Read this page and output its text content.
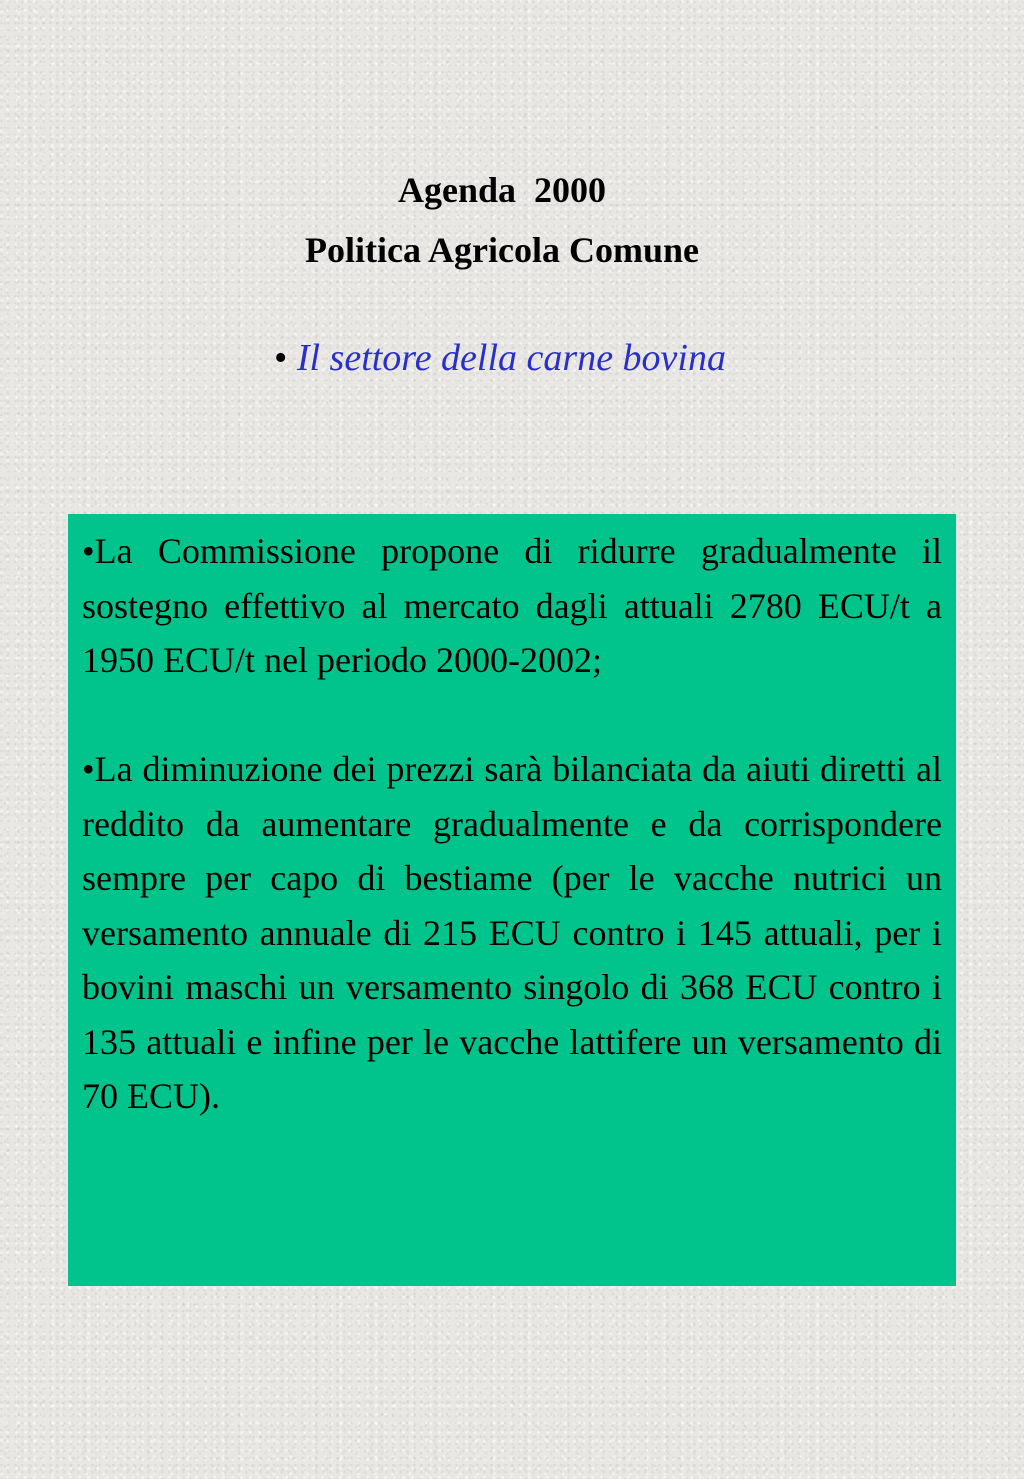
Agenda  2000
Politica Agricola Comune
• Il settore della carne bovina

•La Commissione propone di ridurre gradualmente il sostegno effettivo al mercato dagli attuali 2780 ECU/t a 1950 ECU/t nel periodo 2000-2002;

•La diminuzione dei prezzi sarà bilanciata da aiuti diretti al reddito da aumentare gradualmente e da corrispondere sempre per capo di bestiame (per le vacche nutrici un versamento annuale di 215 ECU contro i 145 attuali, per i bovini maschi un versamento singolo di 368 ECU contro i 135 attuali e infine per le vacche lattifere un versamento di 70 ECU).
